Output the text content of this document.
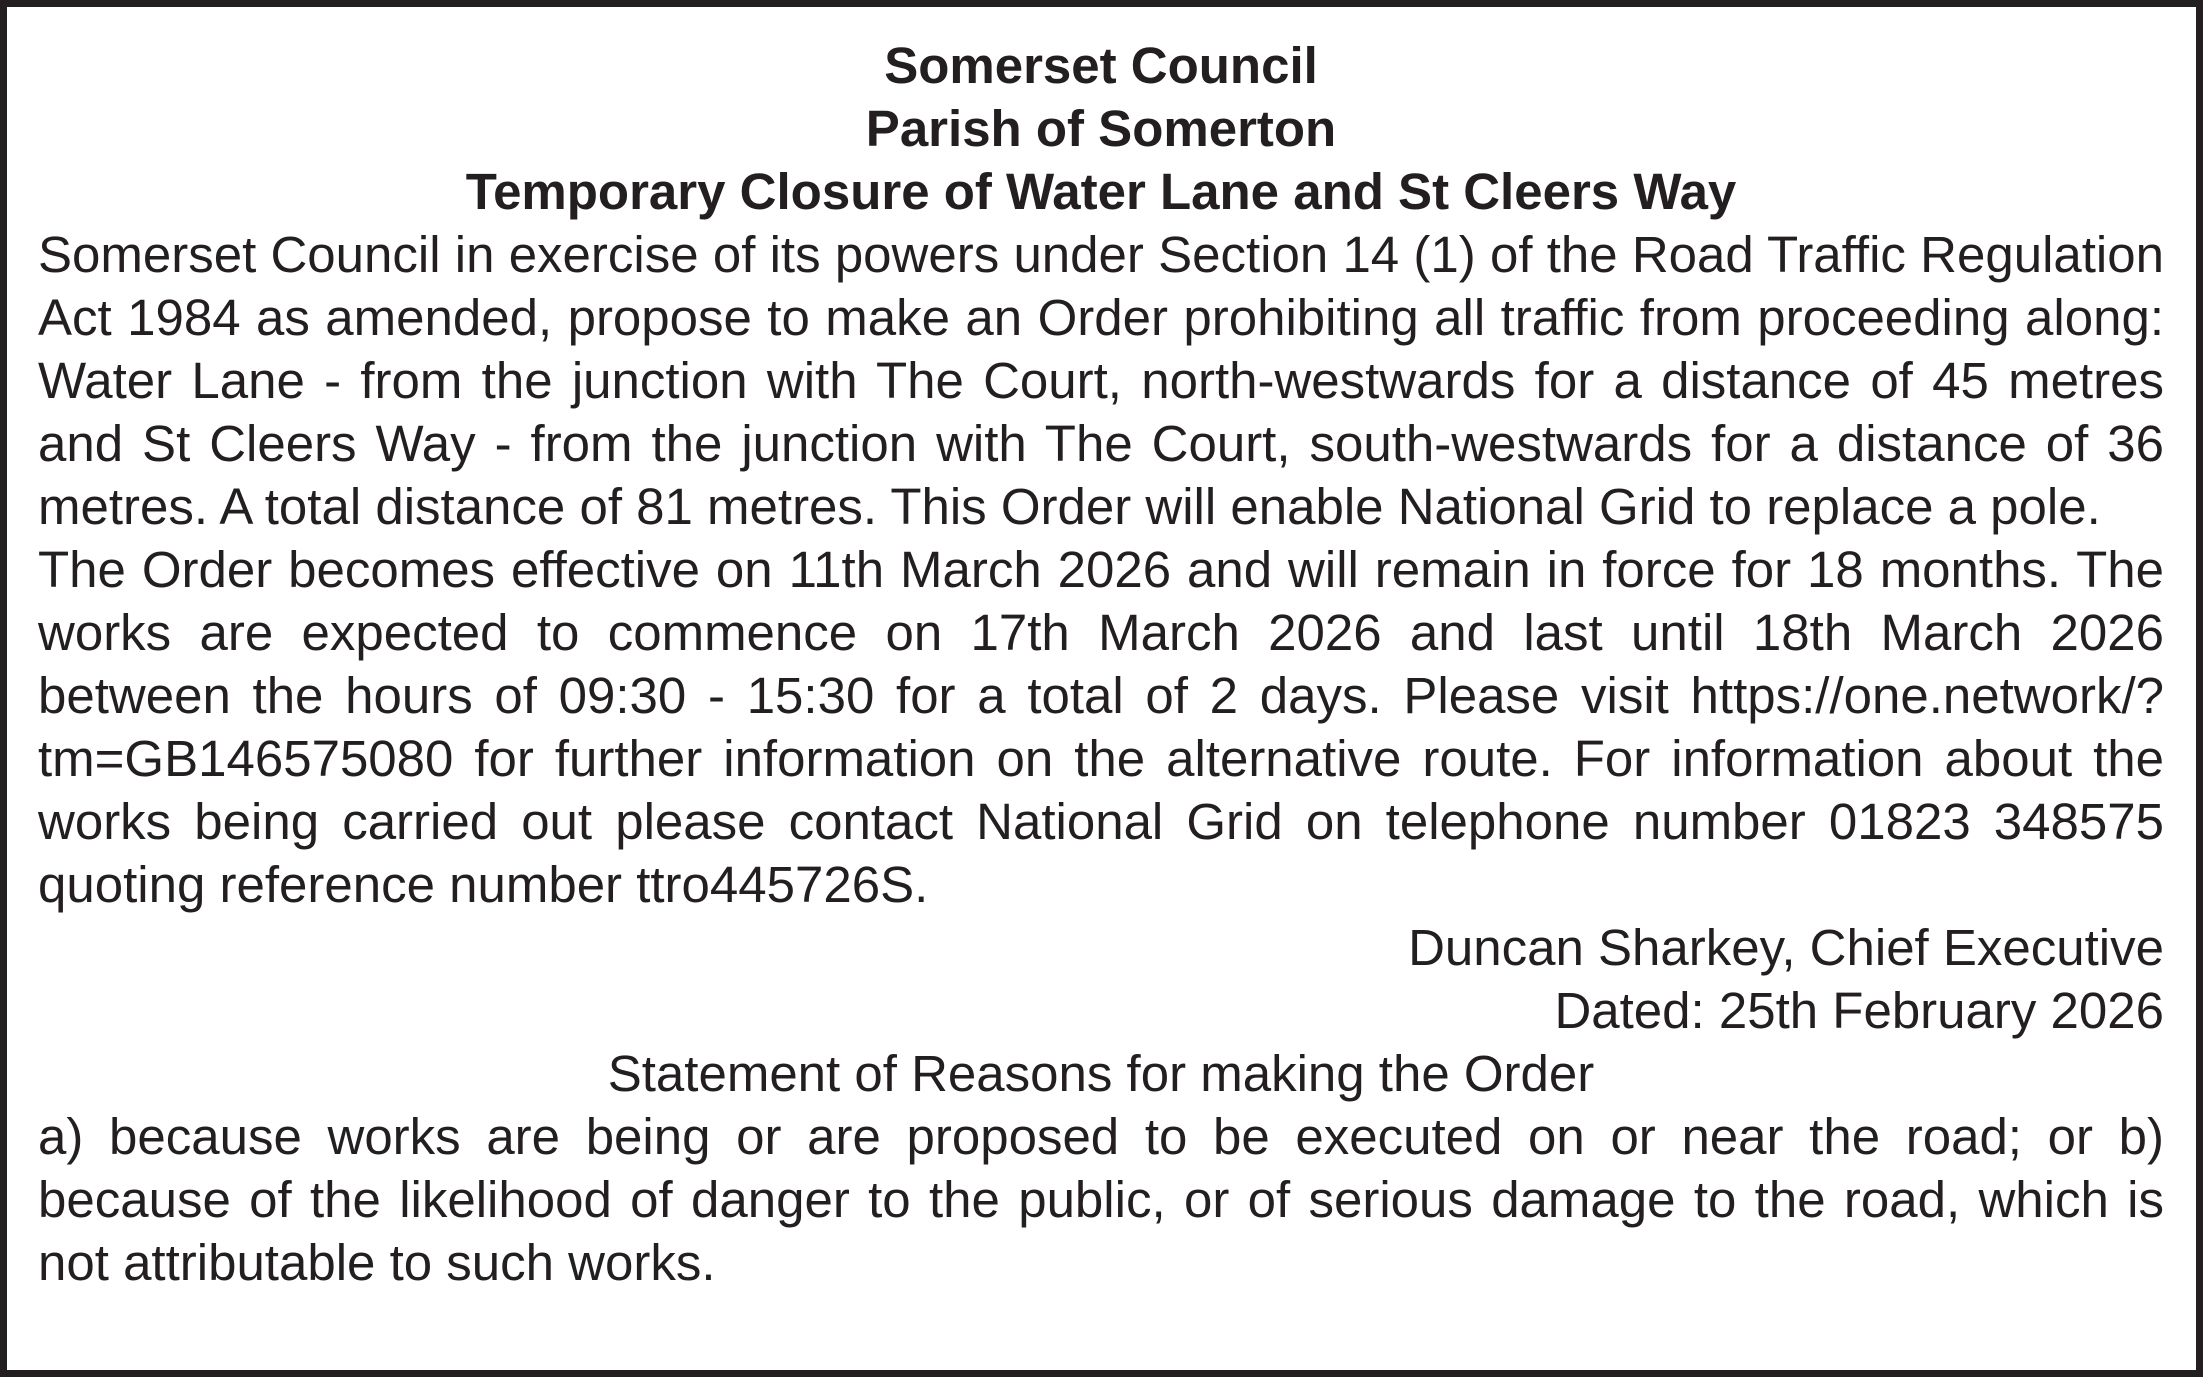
Somerset Council

Parish of Somerton

Temporary Closure of Water Lane and St Cleers Way

Somerset Council in exercise of its powers under Section 14 (1) of the Road Traffic Regulation Act 1984 as amended, propose to make an Order prohibiting all traffic from proceeding along: Water Lane - from the junction with The Court, north-westwards for a distance of 45 metres and St Cleers Way - from the junction with The Court, south-westwards for a distance of 36 metres. A total distance of 81 metres. This Order will enable National Grid to replace a pole.

The Order becomes effective on 11th March 2026 and will remain in force for 18 months. The works are expected to commence on 17th March 2026 and last until 18th March 2026 between the hours of 09:30 - 15:30 for a total of 2 days. Please visit https://one.network/?tm=GB146575080 for further information on the alternative route. For information about the works being carried out please contact National Grid on telephone number 01823 348575 quoting reference number ttro445726S.

Duncan Sharkey, Chief Executive

Dated: 25th February 2026

Statement of Reasons for making the Order

a) because works are being or are proposed to be executed on or near the road; or b) because of the likelihood of danger to the public, or of serious damage to the road, which is not attributable to such works.
